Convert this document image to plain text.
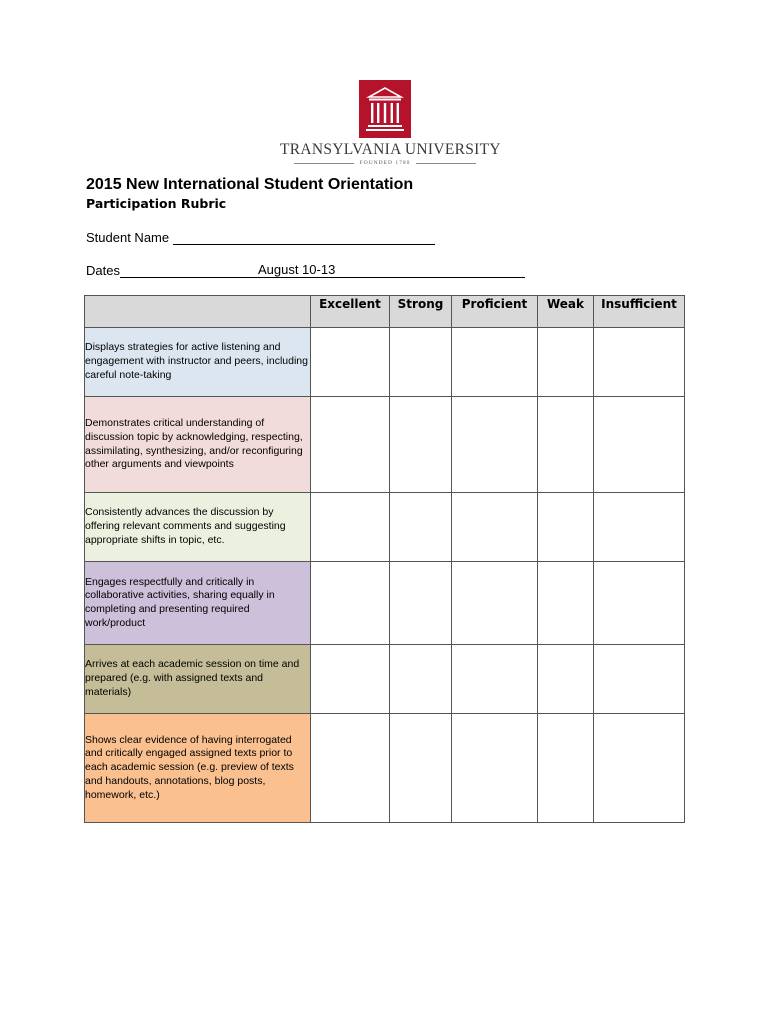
TRANSYLVANIA UNIVERSITY
FOUNDED 1780
2015 New International Student Orientation
Participation Rubric
Student Name
Dates	August 10-13
	Excellent	Strong	Proficient	Weak	Insufficient
Displays strategies for active listening and engagement with instructor and peers, including careful note-taking					
Demonstrates critical understanding of discussion topic by acknowledging, respecting, assimilating, synthesizing, and/or reconfiguring other arguments and viewpoints					
Consistently advances the discussion by offering relevant comments and suggesting appropriate shifts in topic, etc.					
Engages respectfully and critically in collaborative activities, sharing equally in completing and presenting required work/product					
Arrives at each academic session on time and prepared (e.g. with assigned texts and materials)					
Shows clear evidence of having interrogated and critically engaged assigned texts prior to each academic session (e.g. preview of texts and handouts, annotations, blog posts, homework, etc.)					
